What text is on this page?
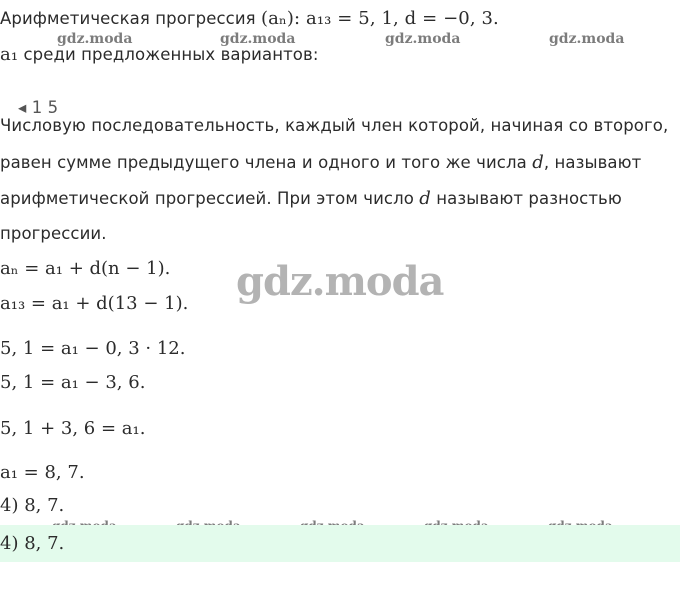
Арифметическая прогрессия (aₙ): a₁₃ = 5, 1, d = −0, 3.
gdz.moda	gdz.moda	gdz.moda	gdz.moda
a₁ среди предложенных вариантов:
◂ 1 5
Числовую последовательность, каждый член которой, начиная со второго,
равен сумме предыдущего члена и одного и того же числа d, называют
арифметической прогрессией. При этом число d называют разностью
прогрессии.
gdz.moda
aₙ = a₁ + d(n − 1).
a₁₃ = a₁ + d(13 − 1).
5, 1 = a₁ − 0, 3 · 12.
5, 1 = a₁ − 3, 6.
5, 1 + 3, 6 = a₁.
a₁ = 8, 7.
4) 8, 7.
4) 8, 7.
